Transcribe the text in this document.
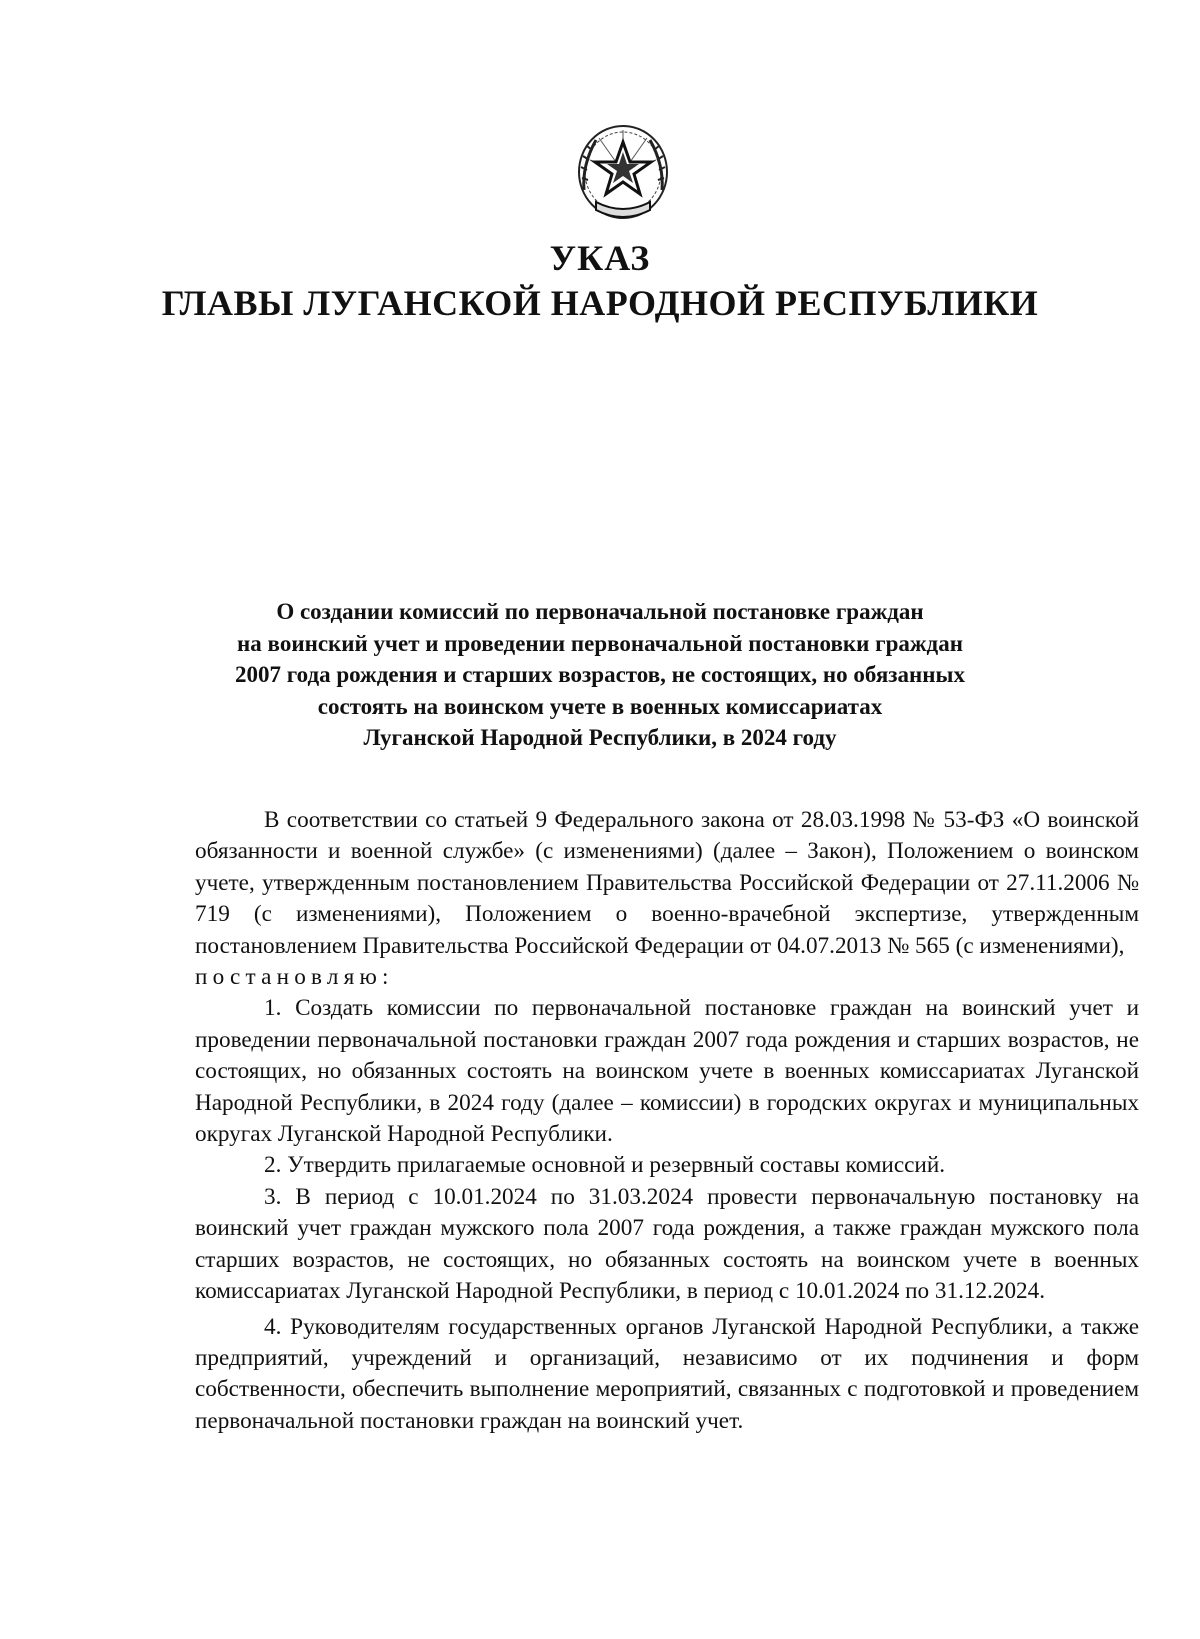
УКАЗ
ГЛАВЫ ЛУГАНСКОЙ НАРОДНОЙ РЕСПУБЛИКИ
О создании комиссий по первоначальной постановке граждан
на воинский учет и проведении первоначальной постановки граждан
2007 года рождения и старших возрастов, не состоящих, но обязанных
состоять на воинском учете в военных комиссариатах
Луганской Народной Республики, в 2024 году

В соответствии со статьей 9 Федерального закона от 28.03.1998 № 53-ФЗ «О воинской обязанности и военной службе» (с изменениями) (далее – Закон), Положением о воинском учете, утвержденным постановлением Правительства Российской Федерации от 27.11.2006 № 719 (с изменениями), Положением о военно-врачебной экспертизе, утвержденным постановлением Правительства Российской Федерации от 04.07.2013 № 565 (с изменениями),

постановляю:

1. Создать комиссии по первоначальной постановке граждан на воинский учет и проведении первоначальной постановки граждан 2007 года рождения и старших возрастов, не состоящих, но обязанных состоять на воинском учете в военных комиссариатах Луганской Народной Республики, в 2024 году (далее – комиссии) в городских округах и муниципальных округах Луганской Народной Республики.

2. Утвердить прилагаемые основной и резервный составы комиссий.

3. В период с 10.01.2024 по 31.03.2024 провести первоначальную постановку на воинский учет граждан мужского пола 2007 года рождения, а также граждан мужского пола старших возрастов, не состоящих, но обязанных состоять на воинском учете в военных комиссариатах Луганской Народной Республики, в период с 10.01.2024 по 31.12.2024.

4. Руководителям государственных органов Луганской Народной Республики, а также предприятий, учреждений и организаций, независимо от их подчинения и форм собственности, обеспечить выполнение мероприятий, связанных с подготовкой и проведением первоначальной постановки граждан на воинский учет.
